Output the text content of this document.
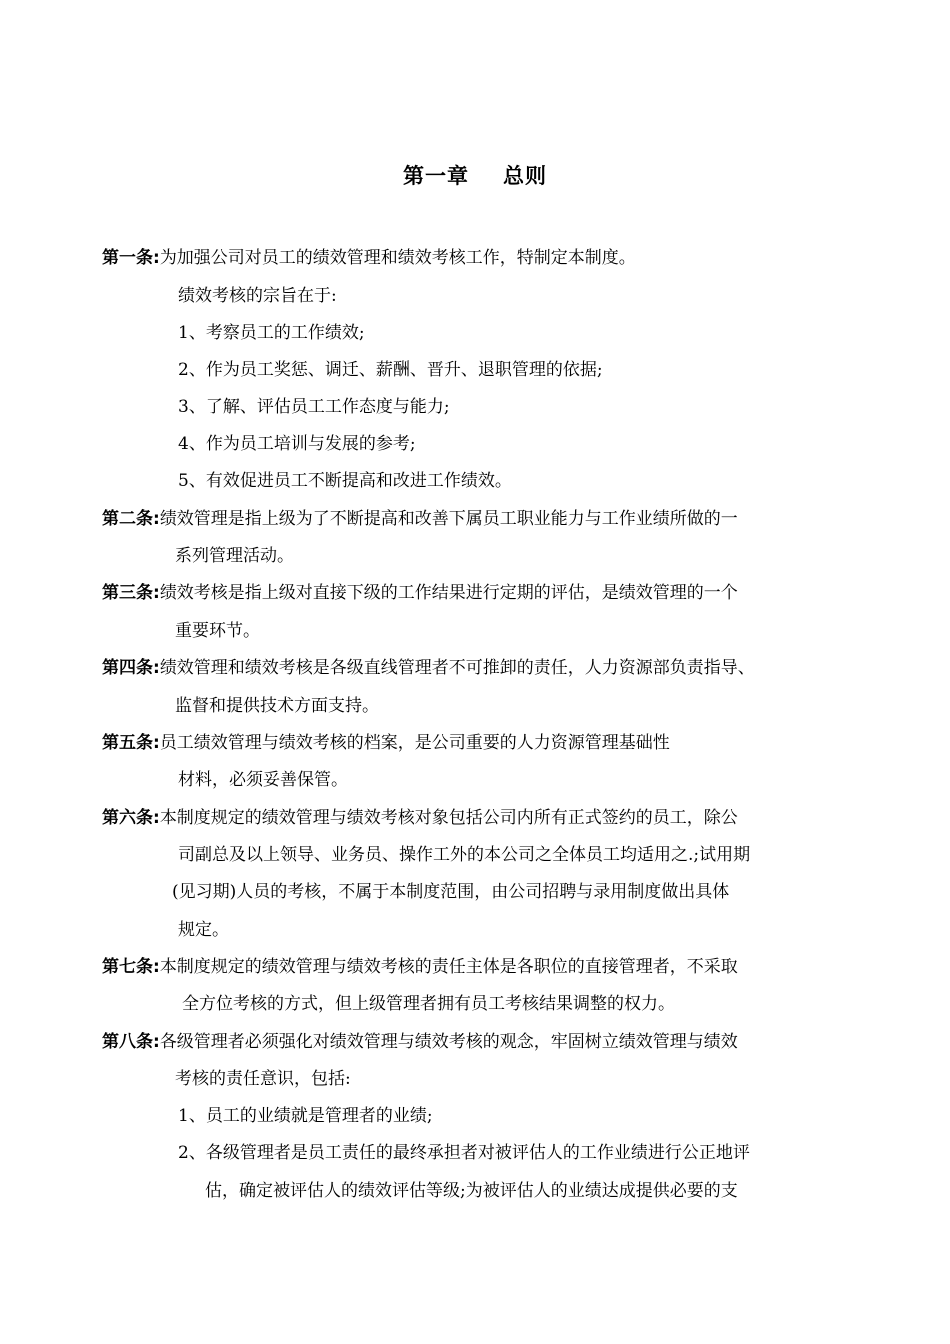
第一章 总则
第一条:为加强公司对员工的绩效管理和绩效考核工作，特制定本制度。
绩效考核的宗旨在于:
1、考察员工的工作绩效;
2、作为员工奖惩、调迁、薪酬、晋升、退职管理的依据;
3、了解、评估员工工作态度与能力;
4、作为员工培训与发展的参考;
5、有效促进员工不断提高和改进工作绩效。
第二条:绩效管理是指上级为了不断提高和改善下属员工职业能力与工作业绩所做的一
系列管理活动。
第三条:绩效考核是指上级对直接下级的工作结果进行定期的评估，是绩效管理的一个
重要环节。
第四条:绩效管理和绩效考核是各级直线管理者不可推卸的责任，人力资源部负责指导、
监督和提供技术方面支持。
第五条:员工绩效管理与绩效考核的档案，是公司重要的人力资源管理基础性
材料，必须妥善保管。
第六条:本制度规定的绩效管理与绩效考核对象包括公司内所有正式签约的员工，除公
司副总及以上领导、业务员、操作工外的本公司之全体员工均适用之.;试用期
(见习期)人员的考核，不属于本制度范围，由公司招聘与录用制度做出具体
规定。
第七条:本制度规定的绩效管理与绩效考核的责任主体是各职位的直接管理者，不采取
全方位考核的方式，但上级管理者拥有员工考核结果调整的权力。
第八条:各级管理者必须强化对绩效管理与绩效考核的观念，牢固树立绩效管理与绩效
考核的责任意识，包括:
1、员工的业绩就是管理者的业绩;
2、各级管理者是员工责任的最终承担者对被评估人的工作业绩进行公正地评
估，确定被评估人的绩效评估等级;为被评估人的业绩达成提供必要的支
